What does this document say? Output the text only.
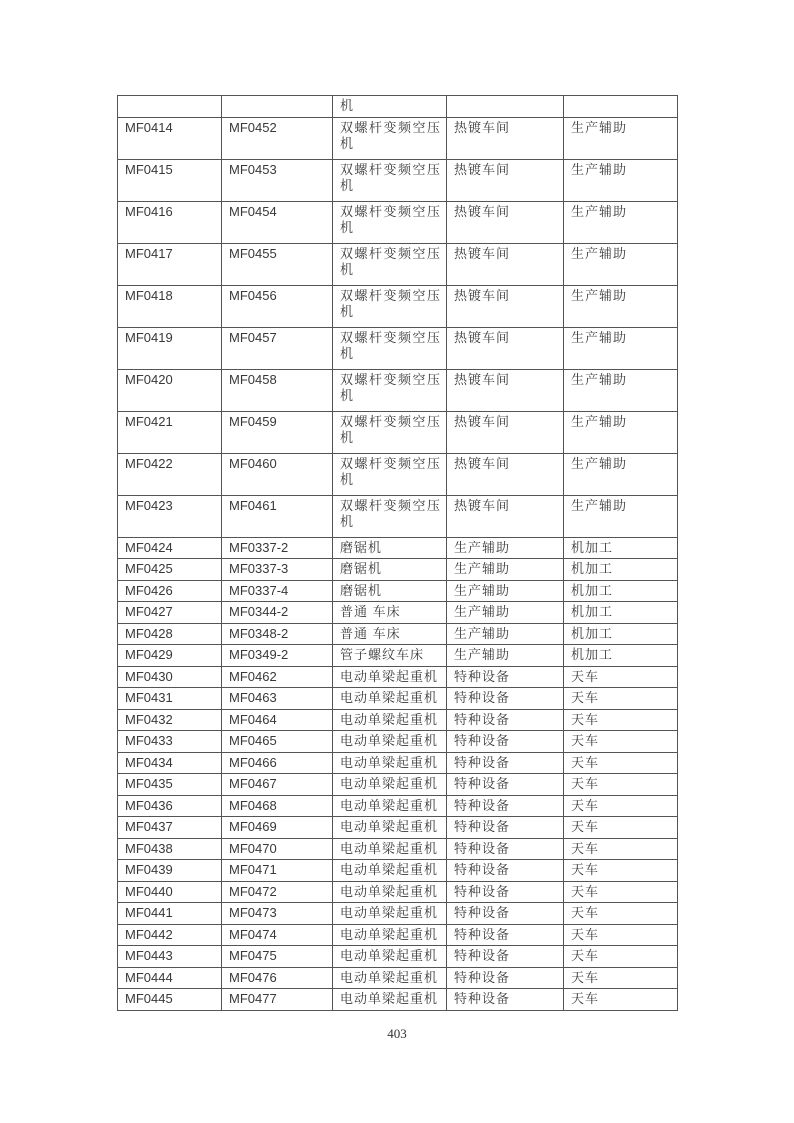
		机		
MF0414	MF0452	双螺杆变频空压机	热镀车间	生产辅助
MF0415	MF0453	双螺杆变频空压机	热镀车间	生产辅助
MF0416	MF0454	双螺杆变频空压机	热镀车间	生产辅助
MF0417	MF0455	双螺杆变频空压机	热镀车间	生产辅助
MF0418	MF0456	双螺杆变频空压机	热镀车间	生产辅助
MF0419	MF0457	双螺杆变频空压机	热镀车间	生产辅助
MF0420	MF0458	双螺杆变频空压机	热镀车间	生产辅助
MF0421	MF0459	双螺杆变频空压机	热镀车间	生产辅助
MF0422	MF0460	双螺杆变频空压机	热镀车间	生产辅助
MF0423	MF0461	双螺杆变频空压机	热镀车间	生产辅助
MF0424	MF0337-2	磨锯机	生产辅助	机加工
MF0425	MF0337-3	磨锯机	生产辅助	机加工
MF0426	MF0337-4	磨锯机	生产辅助	机加工
MF0427	MF0344-2	普通 车床	生产辅助	机加工
MF0428	MF0348-2	普通 车床	生产辅助	机加工
MF0429	MF0349-2	管子螺纹车床	生产辅助	机加工
MF0430	MF0462	电动单梁起重机	特种设备	天车
MF0431	MF0463	电动单梁起重机	特种设备	天车
MF0432	MF0464	电动单梁起重机	特种设备	天车
MF0433	MF0465	电动单梁起重机	特种设备	天车
MF0434	MF0466	电动单梁起重机	特种设备	天车
MF0435	MF0467	电动单梁起重机	特种设备	天车
MF0436	MF0468	电动单梁起重机	特种设备	天车
MF0437	MF0469	电动单梁起重机	特种设备	天车
MF0438	MF0470	电动单梁起重机	特种设备	天车
MF0439	MF0471	电动单梁起重机	特种设备	天车
MF0440	MF0472	电动单梁起重机	特种设备	天车
MF0441	MF0473	电动单梁起重机	特种设备	天车
MF0442	MF0474	电动单梁起重机	特种设备	天车
MF0443	MF0475	电动单梁起重机	特种设备	天车
MF0444	MF0476	电动单梁起重机	特种设备	天车
MF0445	MF0477	电动单梁起重机	特种设备	天车
403
